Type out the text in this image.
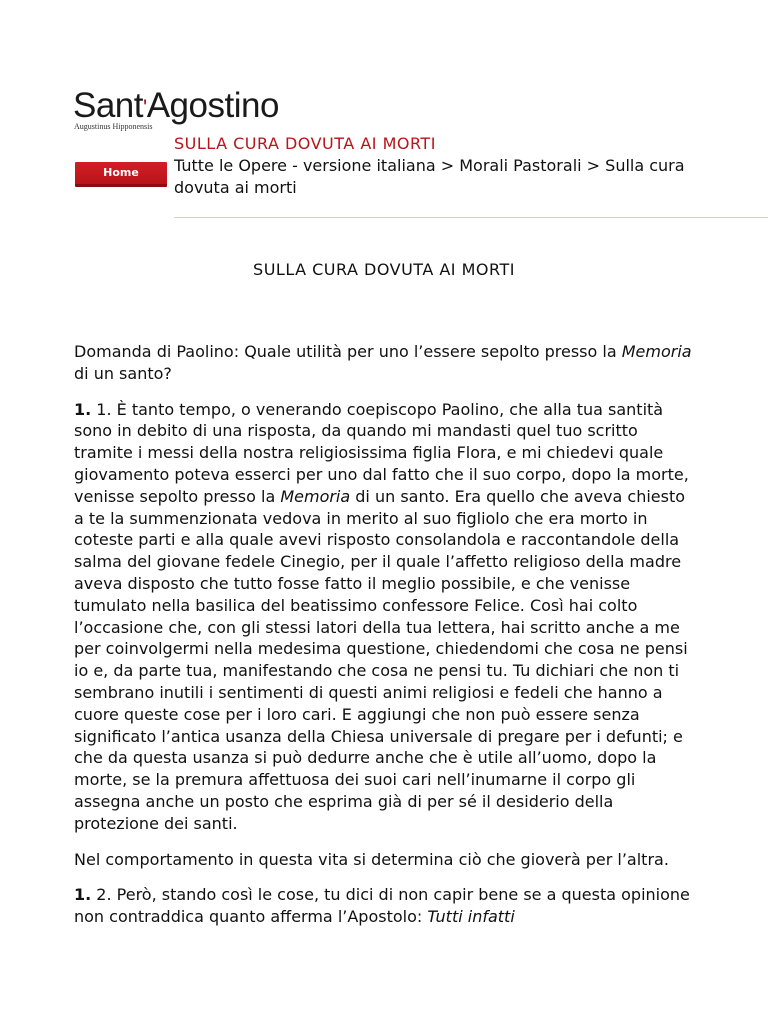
Sant'Agostino
Augustinus Hipponensis
SULLA CURA DOVUTA AI MORTI
Home	Tutte le Opere - versione italiana > Morali Pastorali > Sulla cura dovuta ai morti
SULLA CURA DOVUTA AI MORTI

Domanda di Paolino: Quale utilità per uno l’essere sepolto presso la Memoria di un santo?

1. 1. È tanto tempo, o venerando coepiscopo Paolino, che alla tua santità sono in debito di una risposta, da quando mi mandasti quel tuo scritto tramite i messi della nostra religiosissima figlia Flora, e mi chiedevi quale giovamento poteva esserci per uno dal fatto che il suo corpo, dopo la morte, venisse sepolto presso la Memoria di un santo. Era quello che aveva chiesto a te la summenzionata vedova in merito al suo figliolo che era morto in coteste parti e alla quale avevi risposto consolandola e raccontandole della salma del giovane fedele Cinegio, per il quale l’affetto religioso della madre aveva disposto che tutto fosse fatto il meglio possibile, e che venisse tumulato nella basilica del beatissimo confessore Felice. Così hai colto l’occasione che, con gli stessi latori della tua lettera, hai scritto anche a me per coinvolgermi nella medesima questione, chiedendomi che cosa ne pensi io e, da parte tua, manifestando che cosa ne pensi tu. Tu dichiari che non ti sembrano inutili i sentimenti di questi animi religiosi e fedeli che hanno a cuore queste cose per i loro cari. E aggiungi che non può essere senza significato l’antica usanza della Chiesa universale di pregare per i defunti; e che da questa usanza si può dedurre anche che è utile all’uomo, dopo la morte, se la premura affettuosa dei suoi cari nell’inumarne il corpo gli assegna anche un posto che esprima già di per sé il desiderio della protezione dei santi.

Nel comportamento in questa vita si determina ciò che gioverà per l’altra.

1. 2. Però, stando così le cose, tu dici di non capir bene se a questa opinione non contraddica quanto afferma l’Apostolo: Tutti infatti
